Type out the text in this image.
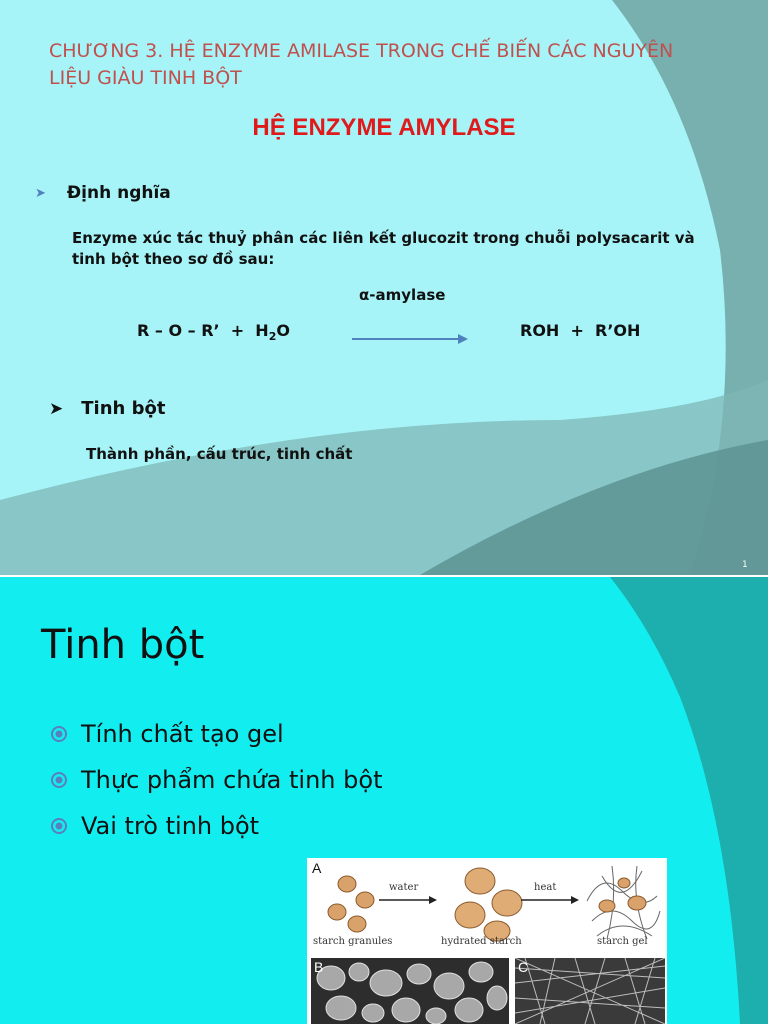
CHƯƠNG 3. HỆ ENZYME AMILASE TRONG CHẾ BIẾN CÁC NGUYÊN LIỆU GIÀU TINH BỘT

HỆ ENZYME AMYLASE

➤ Định nghĩa

Enzyme xúc tác thuỷ phân các liên kết glucozit trong chuỗi polysacarit và tinh bột theo sơ đồ sau:

α-amylase

R – O – R’  +  $H_2O$	ROH  +  R’OH

➤ Tinh bột

Thành phần, cấu trúc, tinh chất

1

Tinh bột

Tính chất tạo gel
Thực phẩm chứa tinh bột
Vai trò tinh bột
A
water	heat
starch granules	hydrated starch	starch gel
B	C
